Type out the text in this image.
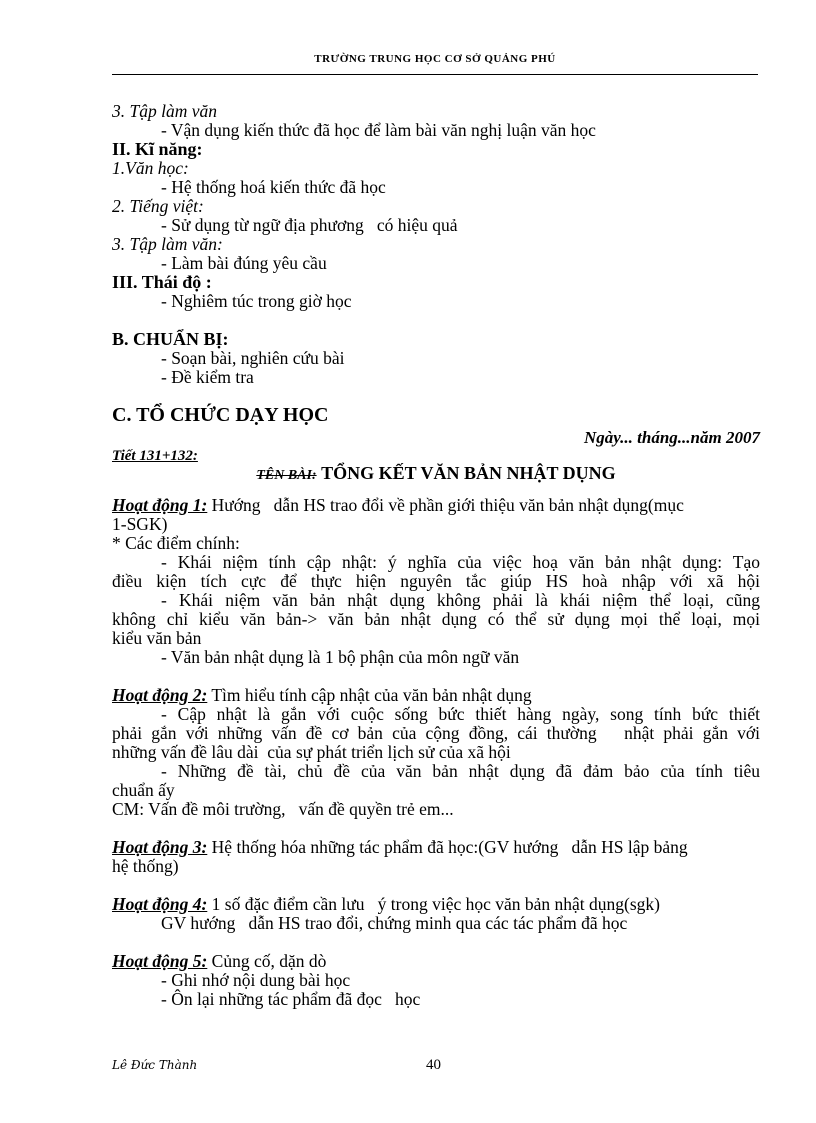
TRƯỜNG TRUNG HỌC CƠ SỞ QUẢNG PHÚ
3. Tập làm văn
- Vận dụng kiến thức đã học để làm bài văn nghị luận văn học
II. Kĩ năng:
1.Văn học:
- Hệ thống hoá kiến thức đã học
2. Tiếng việt:
- Sử dụng từ ngữ địa phương   có hiệu quả
3. Tập làm văn:
- Làm bài đúng yêu cầu
III. Thái độ :
- Nghiêm túc trong giờ học
B. CHUẨN BỊ:
- Soạn bài, nghiên cứu bài
- Đề kiểm tra
C. TỔ CHỨC DẠY HỌC
Ngày... tháng...năm 2007
Tiết 131+132:
TÊN BÀI: TỔNG KẾT VĂN BẢN NHẬT DỤNG
Hoạt động 1: Hướng   dẫn HS trao đổi về phần giới thiệu văn bản nhật dụng(mục
1-SGK)
* Các điểm chính:
- Khái niệm tính cập nhật: ý nghĩa của việc hoạ văn bản nhật dụng: Tạo
điều kiện tích cực để thực hiện nguyên tắc giúp HS hoà nhập với xã hội
- Khái niệm văn bản nhật dụng không phải là khái niệm thể loại, cũng
không chỉ kiểu văn bản-> văn bản nhật dụng có thể sử dụng mọi thể loại, mọi
kiểu văn bản
- Văn bản nhật dụng là 1 bộ phận của môn ngữ văn
Hoạt động 2: Tìm hiểu tính cập nhật của văn bản nhật dụng
- Cập nhật là gắn với cuộc sống bức thiết hàng ngày, song tính bức thiết
phải gắn với những vấn đề cơ bản của cộng đồng, cái thường   nhật phải gắn với
những vấn đề lâu dài  của sự phát triển lịch sử của xã hội
- Những đề tài, chủ đề của văn bản nhật dụng đã đảm bảo của tính tiêu
chuẩn ấy
CM: Vấn đề môi trường,   vấn đề quyền trẻ em...
Hoạt động 3: Hệ thống hóa những tác phẩm đã học:(GV hướng   dẫn HS lập bảng
hệ thống)
Hoạt động 4: 1 số đặc điểm cần lưu   ý trong việc học văn bản nhật dụng(sgk)
GV hướng   dẫn HS trao đổi, chứng minh qua các tác phẩm đã học
Hoạt động 5: Củng cố, dặn dò
- Ghi nhớ nội dung bài học
- Ôn lại những tác phẩm đã đọc   học
Lê Đức Thành	40
